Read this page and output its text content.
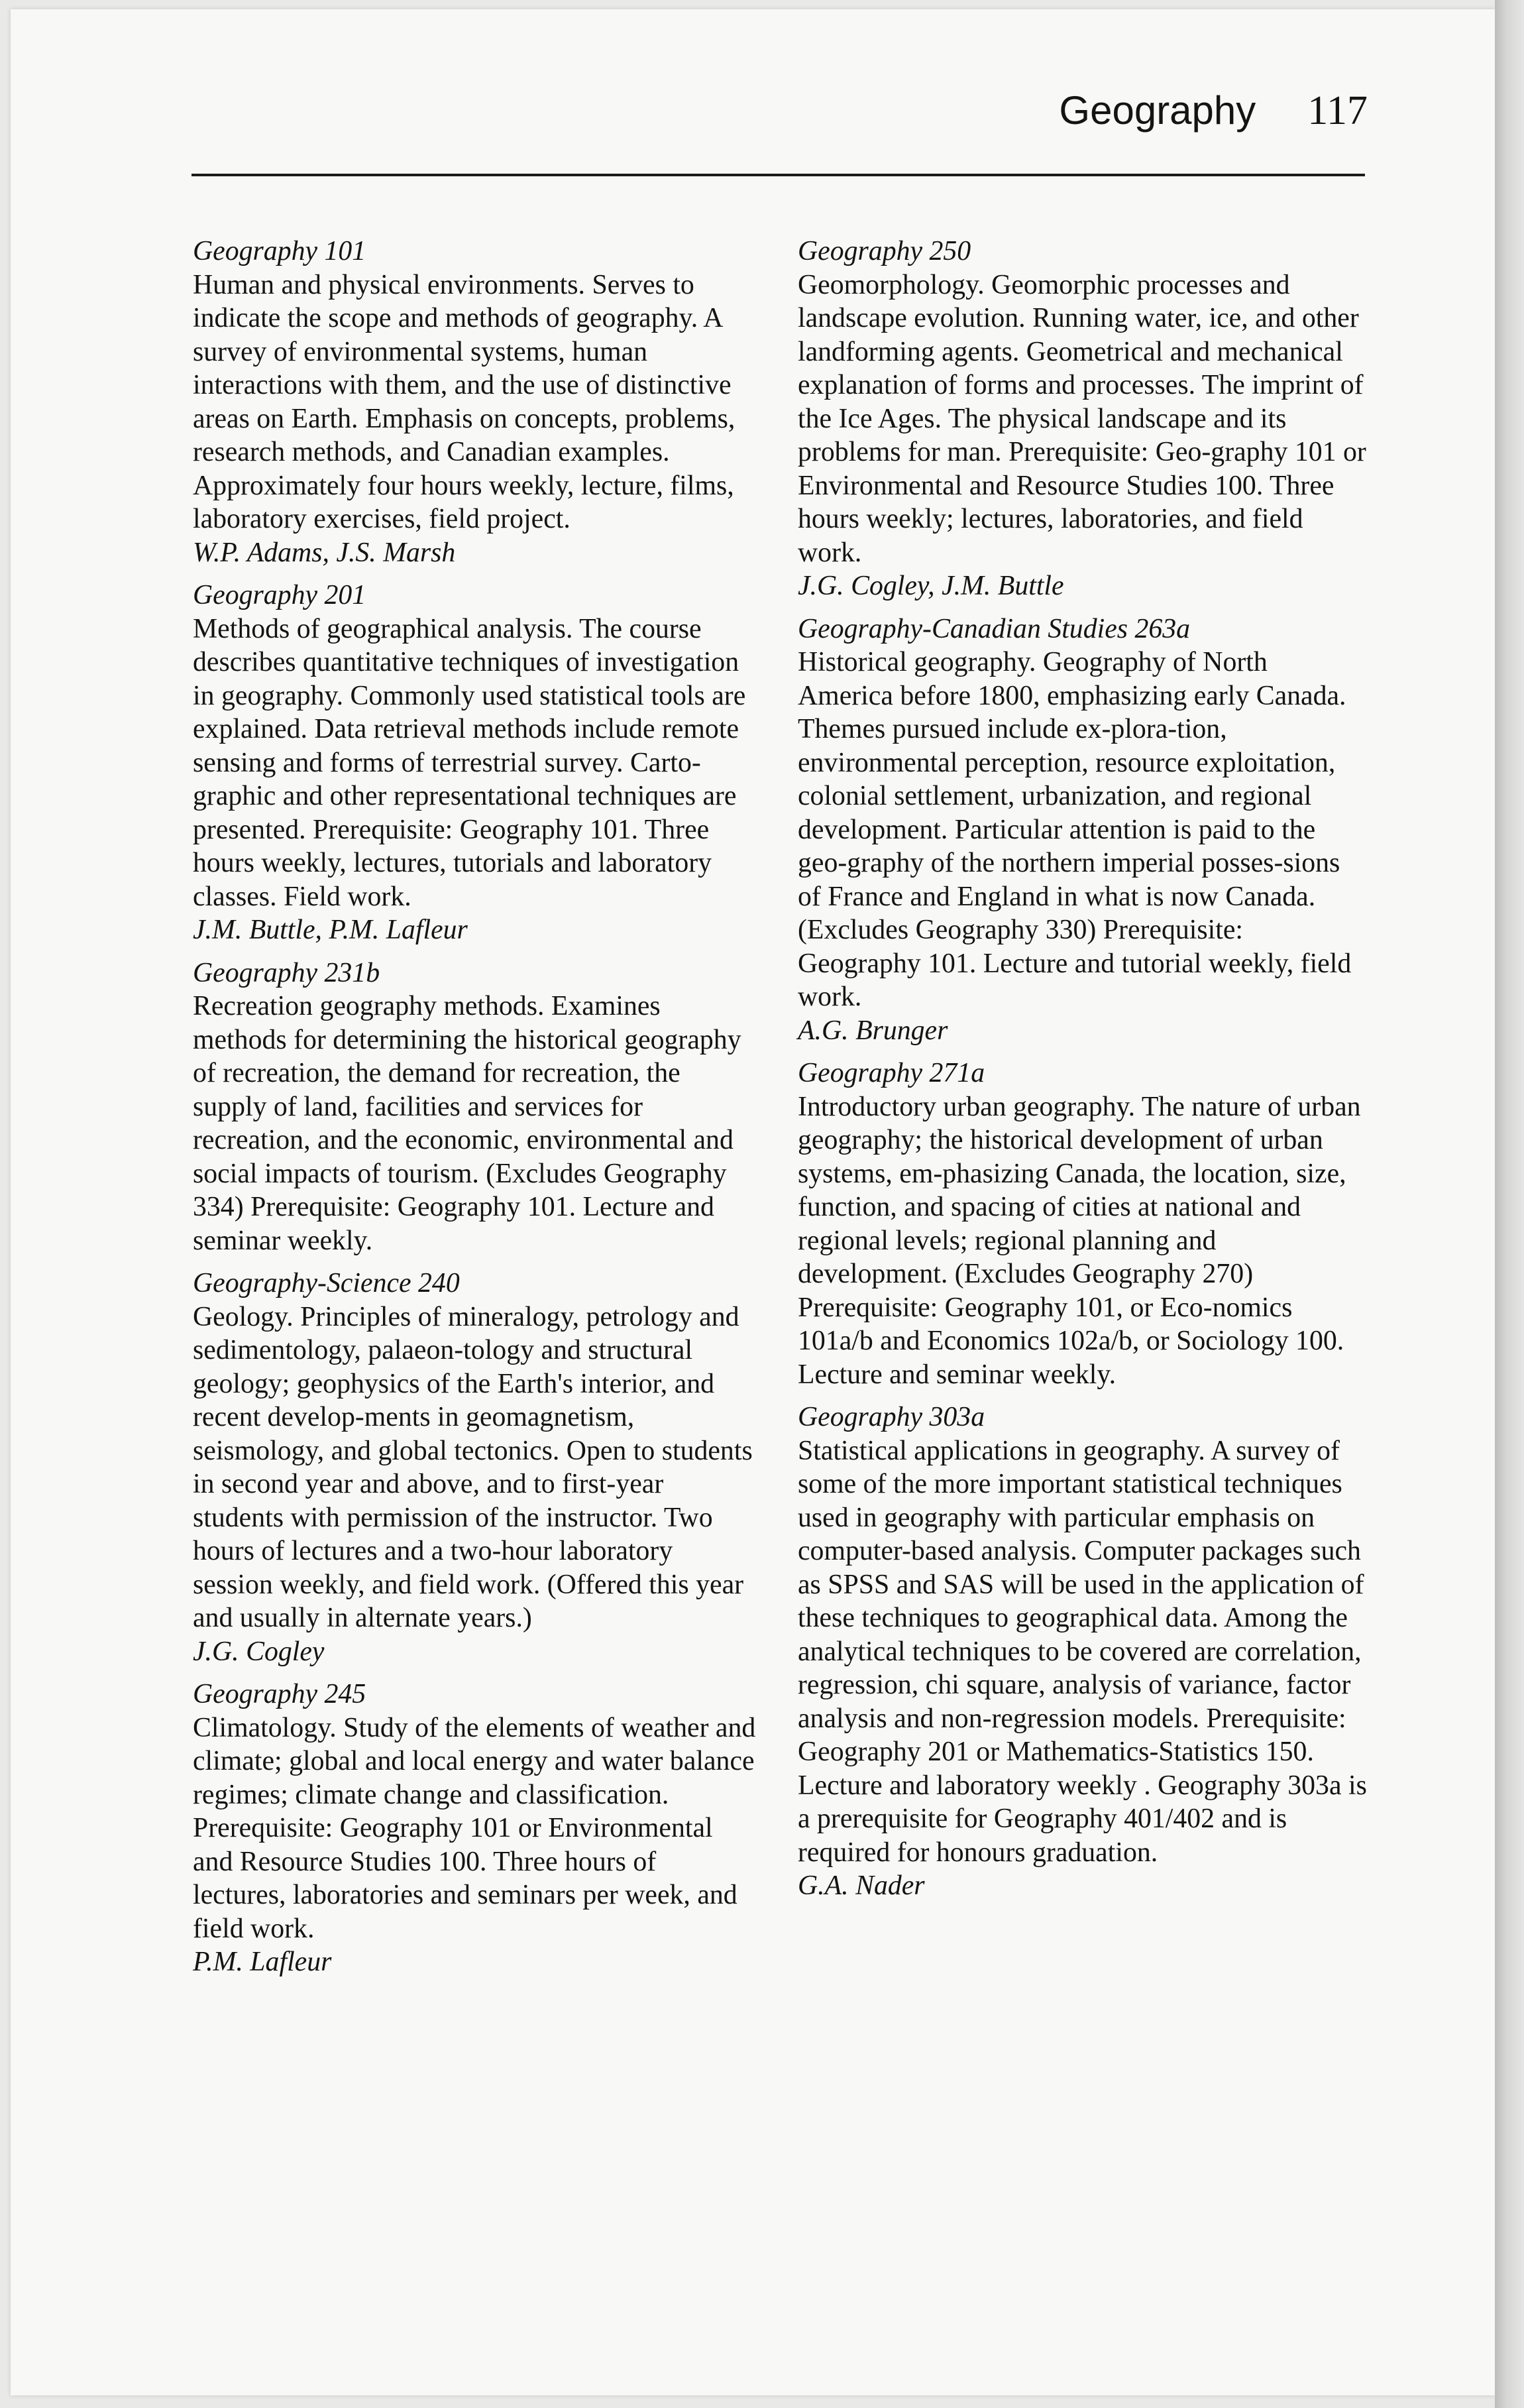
Geography 117

Geography 101

Human and physical environments. Serves to indicate the scope and methods of geography. A survey of environmental systems, human interactions with them, and the use of distinctive areas on Earth. Emphasis on concepts, problems, research methods, and Canadian examples. Approximately four hours weekly, lecture, films, laboratory exercises, field project.

W.P. Adams, J.S. Marsh

Geography 201

Methods of geographical analysis. The course describes quantitative techniques of investigation in geography. Commonly used statistical tools are explained. Data retrieval methods include remote sensing and forms of terrestrial survey. Carto-graphic and other representational techniques are presented. Prerequisite: Geography 101. Three hours weekly, lectures, tutorials and laboratory classes. Field work.

J.M. Buttle, P.M. Lafleur

Geography 231b

Recreation geography methods. Examines methods for determining the historical geography of recreation, the demand for recreation, the supply of land, facilities and services for recreation, and the economic, environmental and social impacts of tourism. (Excludes Geography 334) Prerequisite: Geography 101. Lecture and seminar weekly.

Geography-Science 240

Geology. Principles of mineralogy, petrology and sedimentology, palaeon-tology and structural geology; geophysics of the Earth's interior, and recent develop-ments in geomagnetism, seismology, and global tectonics. Open to students in second year and above, and to first-year students with permission of the instructor. Two hours of lectures and a two-hour laboratory session weekly, and field work. (Offered this year and usually in alternate years.)

J.G. Cogley

Geography 245

Climatology. Study of the elements of weather and climate; global and local energy and water balance regimes; climate change and classification. Prerequisite: Geography 101 or Environmental and Resource Studies 100. Three hours of lectures, laboratories and seminars per week, and field work.

P.M. Lafleur

Geography 250

Geomorphology. Geomorphic processes and landscape evolution. Running water, ice, and other landforming agents. Geometrical and mechanical explanation of forms and processes. The imprint of the Ice Ages. The physical landscape and its problems for man. Prerequisite: Geo-graphy 101 or Environmental and Resource Studies 100. Three hours weekly; lectures, laboratories, and field work.

J.G. Cogley, J.M. Buttle

Geography-Canadian Studies 263a

Historical geography. Geography of North America before 1800, emphasizing early Canada. Themes pursued include ex-plora-tion, environmental perception, resource exploitation, colonial settlement, urbanization, and regional development. Particular attention is paid to the geo-graphy of the northern imperial posses-sions of France and England in what is now Canada. (Excludes Geography 330) Prerequisite: Geography 101. Lecture and tutorial weekly, field work.

A.G. Brunger

Geography 271a

Introductory urban geography. The nature of urban geography; the historical development of urban systems, em-phasizing Canada, the location, size, function, and spacing of cities at national and regional levels; regional planning and development. (Excludes Geography 270) Prerequisite: Geography 101, or Eco-nomics 101a/b and Economics 102a/b, or Sociology 100. Lecture and seminar weekly.

Geography 303a

Statistical applications in geography. A survey of some of the more important statistical techniques used in geography with particular emphasis on computer-based analysis. Computer packages such as SPSS and SAS will be used in the application of these techniques to geographical data. Among the analytical techniques to be covered are correlation, regression, chi square, analysis of variance, factor analysis and non-regression models. Prerequisite: Geography 201 or Mathematics-Statistics 150. Lecture and laboratory weekly . Geography 303a is a prerequisite for Geography 401/402 and is required for honours graduation.

G.A. Nader
